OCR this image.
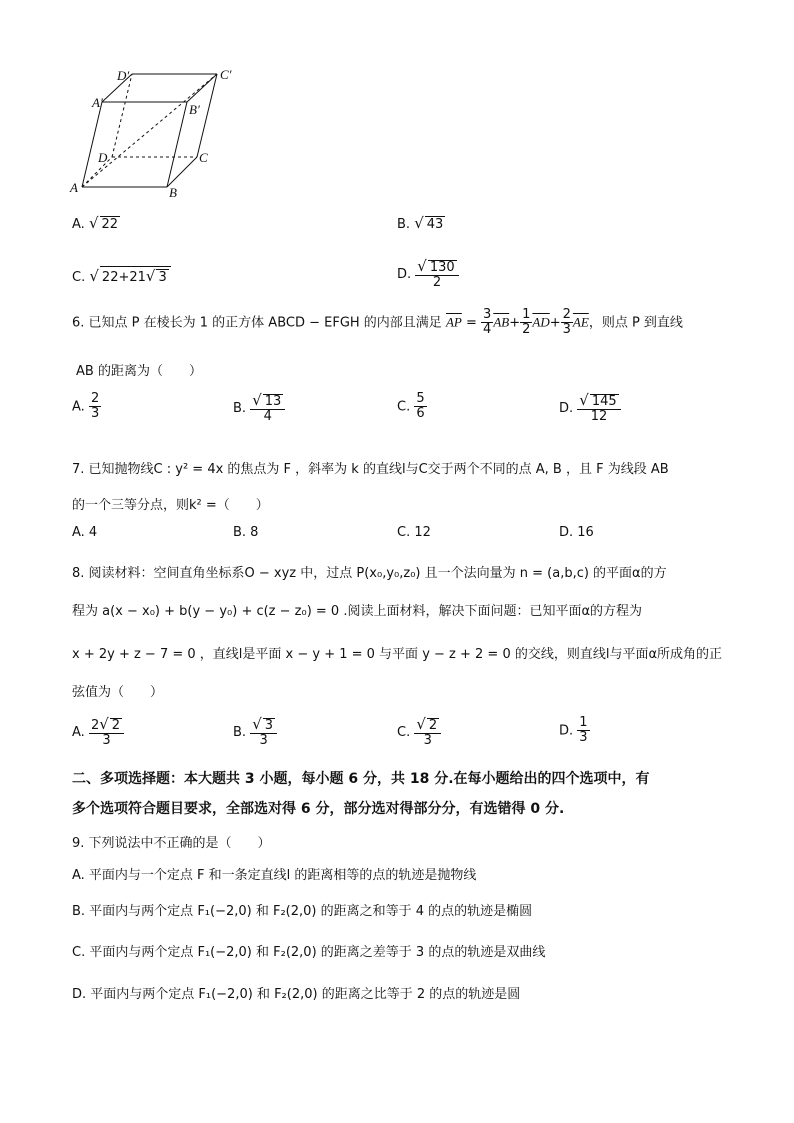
A	B
C
D
A′	B′
C′
D′
A. √ 22	B. √ 43
C. √ 22+21√ 3	D. $\frac{√ 130}{2}$
6. 已知点 P 在棱长为 1 的正方体 ABCD − EFGH 的内部且满足 $\overline{AP} = \frac{3}{4} \overline{AB}+ \frac{1}{2} \overline{AD}+ \frac{2}{3} \overline{AE}$，则点 P 到直线
AB 的距离为（　　）
A. $\frac{2}{3}$	B. $\frac{√ 13}{4}$	C. $\frac{5}{6}$	D. $\frac{√ 145}{12}$
7. 已知抛物线C : y² = 4x 的焦点为 F ，斜率为 k 的直线l与C交于两个不同的点 A, B ，且 F 为线段 AB
的一个三等分点，则k² =（　　）
A. 4	B. 8	C. 12	D. 16
8. 阅读材料：空间直角坐标系O − xyz 中，过点 P(x₀,y₀,z₀) 且一个法向量为 n = (a,b,c) 的平面α的方
程为 a(x − x₀) + b(y − y₀) + c(z − z₀) = 0 .阅读上面材料，解决下面问题：已知平面α的方程为
x + 2y + z − 7 = 0 ，直线l是平面 x − y + 1 = 0 与平面 y − z + 2 = 0 的交线，则直线l与平面α所成角的正
弦值为（　　）
A. $\frac{2√ 2}{3}$	B. $\frac{√ 3}{3}$	C. $\frac{√ 2}{3}$	D. $\frac{1}{3}$
二、多项选择题：本大题共 3 小题，每小题 6 分，共 18 分.在每小题给出的四个选项中，有
多个选项符合题目要求，全部选对得 6 分，部分选对得部分分，有选错得 0 分.
9. 下列说法中不正确的是（　　）
A. 平面内与一个定点 F 和一条定直线l 的距离相等的点的轨迹是抛物线
B. 平面内与两个定点 F₁(−2,0) 和 F₂(2,0) 的距离之和等于 4 的点的轨迹是椭圆
C. 平面内与两个定点 F₁(−2,0) 和 F₂(2,0) 的距离之差等于 3 的点的轨迹是双曲线
D. 平面内与两个定点 F₁(−2,0) 和 F₂(2,0) 的距离之比等于 2 的点的轨迹是圆
